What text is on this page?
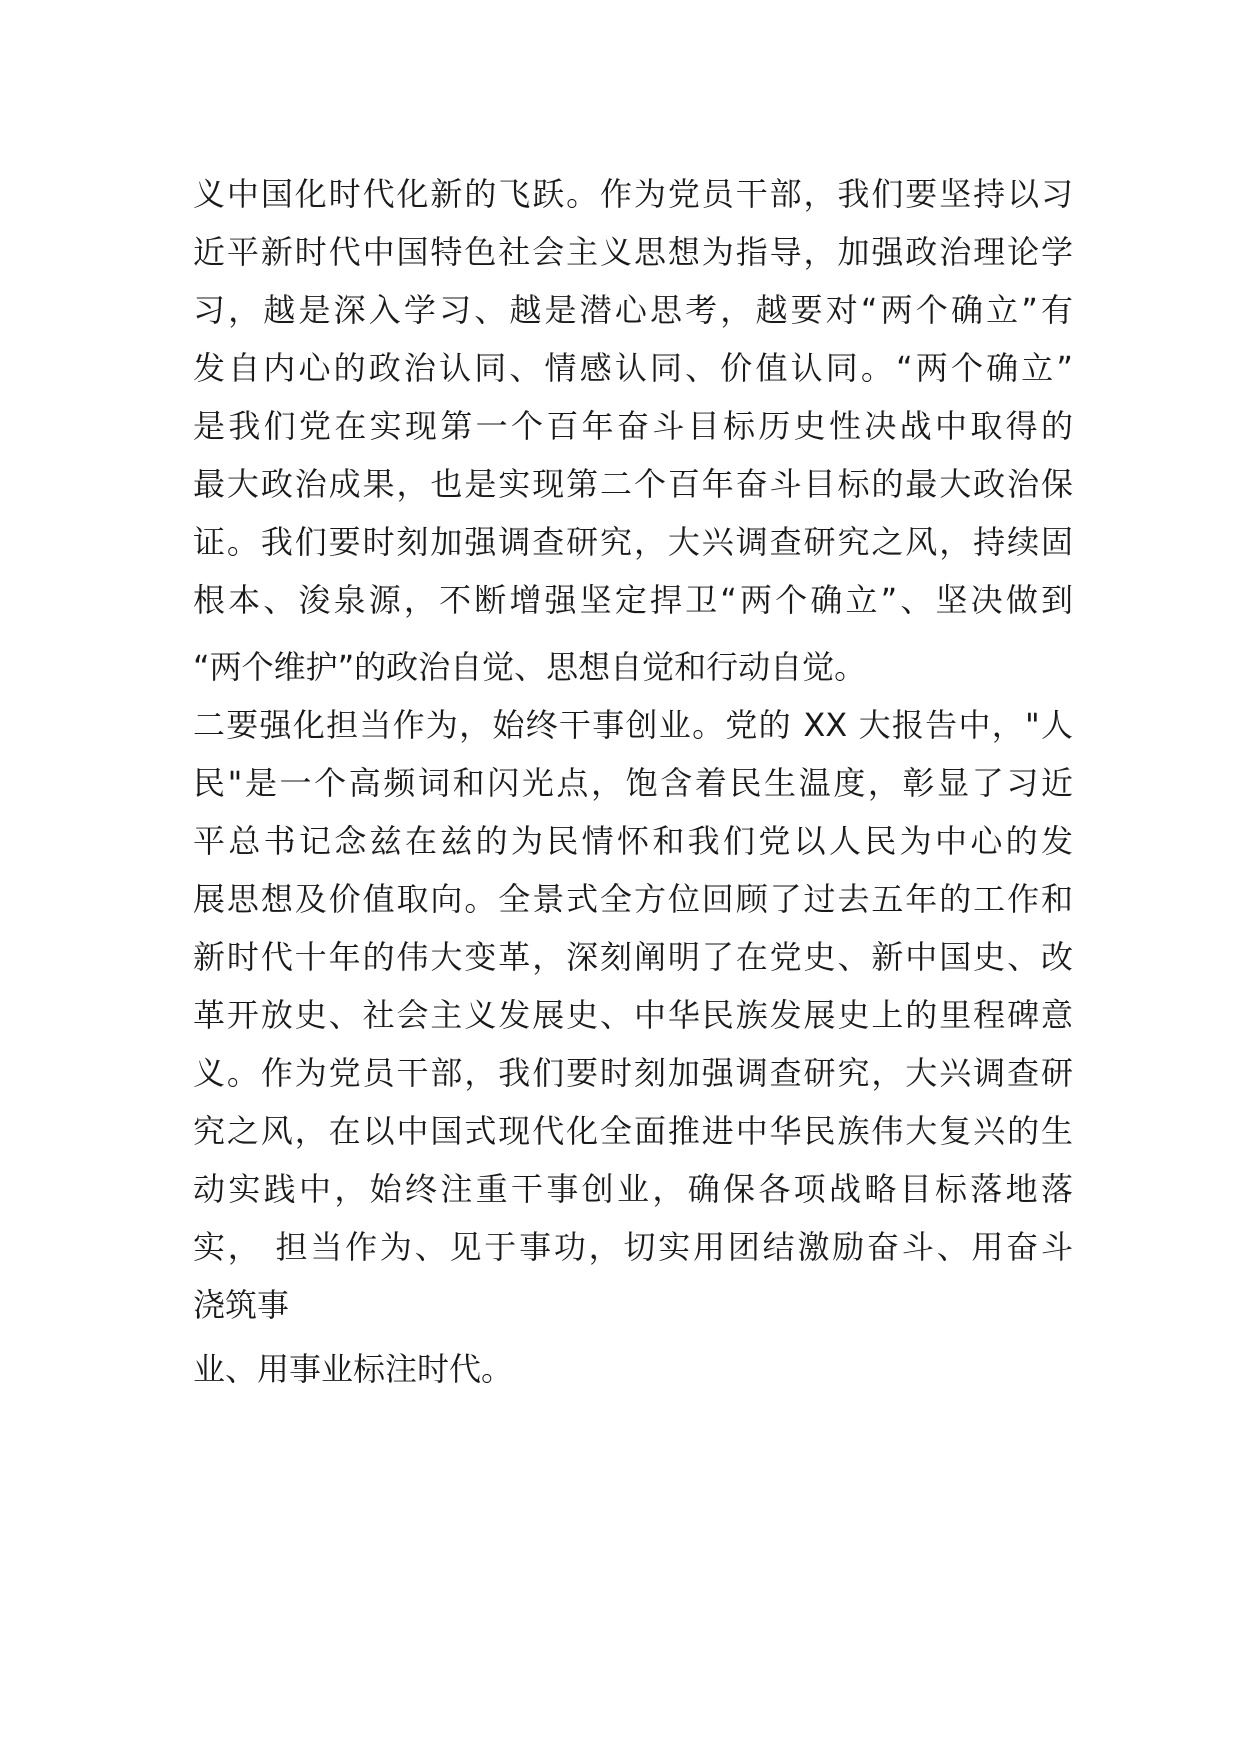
义中国化时代化新的飞跃。作为党员干部，我们要坚持以习
近平新时代中国特色社会主义思想为指导，加强政治理论学
习，越是深入学习、越是潜心思考，越要对“两个确立”有
发自内心的政治认同、情感认同、价值认同。“两个确立”
是我们党在实现第一个百年奋斗目标历史性决战中取得的
最大政治成果，也是实现第二个百年奋斗目标的最大政治保
证。我们要时刻加强调查研究，大兴调查研究之风，持续固
根本、浚泉源，不断增强坚定捍卫“两个确立”、坚决做到
“两个维护”的政治自觉、思想自觉和行动自觉。
二要强化担当作为，始终干事创业。党的 XX 大报告中，"人
民"是一个高频词和闪光点，饱含着民生温度，彰显了习近
平总书记念兹在兹的为民情怀和我们党以人民为中心的发
展思想及价值取向。全景式全方位回顾了过去五年的工作和
新时代十年的伟大变革，深刻阐明了在党史、新中国史、改
革开放史、社会主义发展史、中华民族发展史上的里程碑意
义。作为党员干部，我们要时刻加强调查研究，大兴调查研
究之风，在以中国式现代化全面推进中华民族伟大复兴的生
动实践中，始终注重干事创业，确保各项战略目标落地落
实， 担当作为、见于事功，切实用团结激励奋斗、用奋斗
浇筑事
业、用事业标注时代。
